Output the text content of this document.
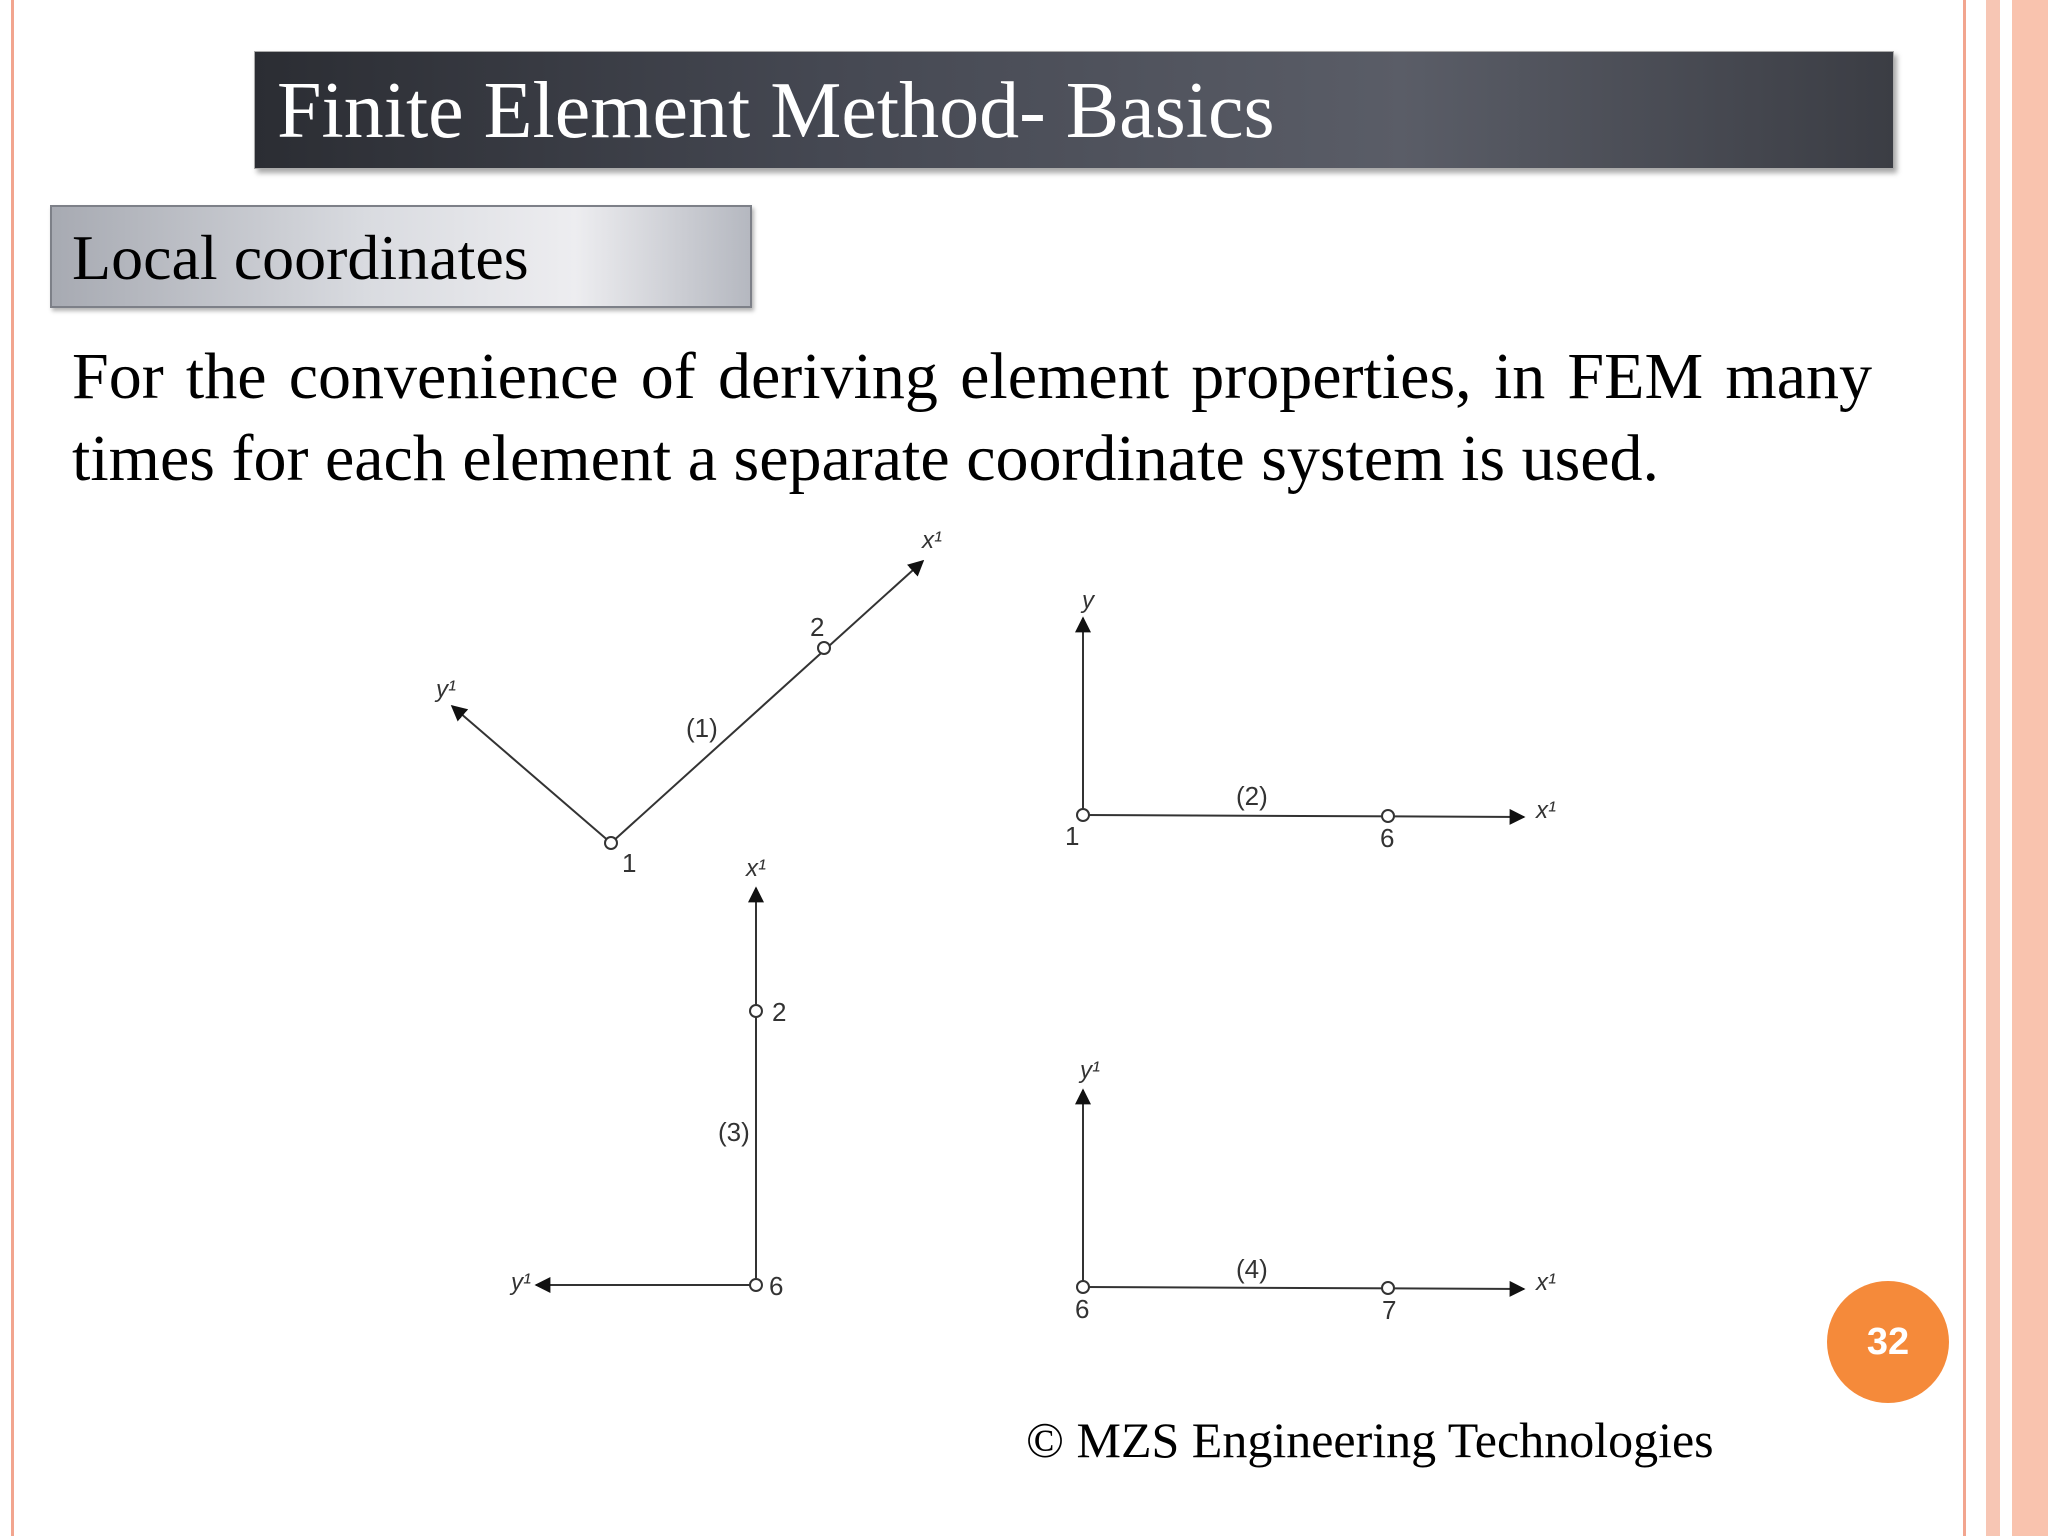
Finite Element Method- Basics
Local coordinates

For the convenience of deriving element properties, in FEM many times for each element a separate coordinate system is used.

1
2
(1)
x¹
y¹
1	6
(2)	x¹
y
6
2
(3)
x¹
y¹
6	7
(4)	x¹
y¹
32
© MZS Engineering Technologies
